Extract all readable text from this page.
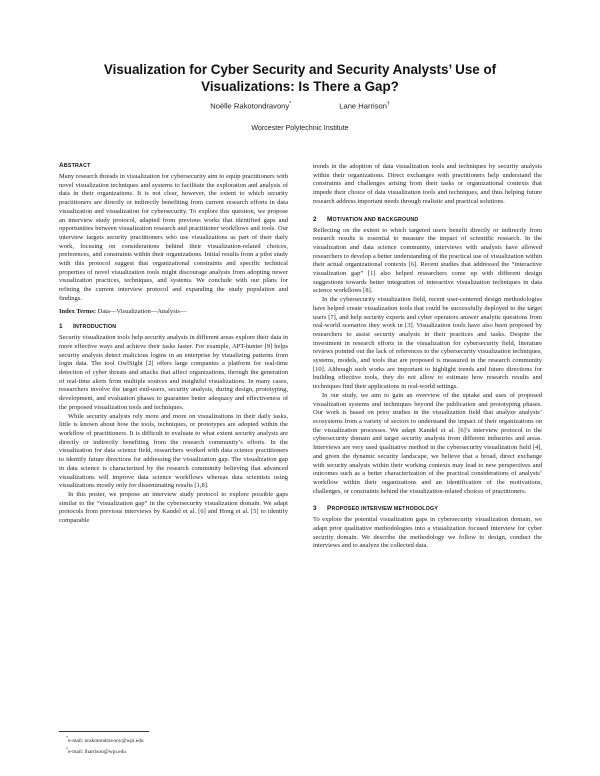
Visualization for Cyber Security and Security Analysts’ Use of Visualizations: Is There a Gap?
Noëlle Rakotondravony*	Lane Harrison†
Worcester Polytechnic Institute
ABSTRACT

Many research threads in visualization for cybersecurity aim to equip practitioners with novel visualization techniques and systems to facilitate the exploration and analysis of data in their organizations. It is not clear, however, the extent to which security practitioners are directly or indirectly benefiting from current research efforts in data visualization and visualization for cybersecurity. To explore this question, we propose an interview study protocol, adapted from previous works that identified gaps and opportunities between visualization research and practitioner workflows and tools. Our interview targets security practitioners who use visualizations as part of their daily work, focusing on considerations behind their visualization-related choices, preferences, and constraints within their organizations. Initial results from a pilot study with this protocol suggest that organizational constraints and specific technical properties of novel visualization tools might discourage analysts from adopting newer visualization practices, techniques, and systems. We conclude with our plans for refining the current interview protocol and expanding the study population and findings.

Index Terms: Data—Visualization—Analysis—

1 INTRODUCTION

Security visualization tools help security analysts in different areas explore their data in more effective ways and achieve their tasks faster. For example, APT-hunter [9] helps security analysts detect malicious logins in an enterprise by visualizing patterns from login data. The tool OwlSight [2] offers large companies a platform for real-time detection of cyber threats and attacks that affect organizations, through the generation of real-time alerts from multiple sources and insightful visualizations. In many cases, researchers involve the target end-users, security analysts, during design, prototyping, development, and evaluation phases to guarantee better adequacy and effectiveness of the proposed visualization tools and techniques.

While security analysts rely more and more on visualizations in their daily tasks, little is known about how the tools, techniques, or prototypes are adopted within the workflow of practitioners. It is difficult to evaluate to what extent security analysts are directly or indirectly benefiting from the research community’s efforts. In the visualization for data science field, researchers worked with data science practitioners to identify future directions for addressing the visualization gap. The visualization gap in data science is characterized by the research community believing that advanced visualizations will improve data science workflows whereas data scientists using visualizations mostly only for disseminating results [1,8].

In this poster, we propose an interview study protocol to explore possible gaps similar to the “visualization gap” in the cybersecurity visualization domain. We adapt protocols from previous interviews by Kandel et al. [6] and Hong et al. [5] to identify comparable

trends in the adoption of data visualization tools and techniques by security analysts within their organizations. Direct exchanges with practitioners help understand the constraints and challenges arising from their tasks or organizational contexts that impede their choice of data visualization tools and techniques, and thus helping future research address important needs through realistic and practical solutions.

2 MOTIVATION AND BACKGROUND

Reflecting on the extent to which targeted users benefit directly or indirectly from research results is essential to measure the impact of scientific research. In the visualization and data science community, interviews with analysts have allowed researchers to develop a better understanding of the practical use of visualization within their actual organizational contexts [6]. Recent studies that addressed the “interactive visualization gap” [1] also helped researchers come up with different design suggestions towards better integration of interactive visualization techniques in data science workflows [8].

In the cybersecurity visualization field, recent user-centered design methodologies have helped create visualization tools that could be successfully deployed to the target users [7], and help security experts and cyber operators answer analytic questions from real-world scenarios they work in [3]. Visualization tools have also been proposed by researchers to assist security analysts in their practices and tasks. Despite the investment in research efforts in the visualization for cybersecurity field, literature reviews pointed out the lack of references to the cybersecurity visualization techniques, systems, models, and tools that are proposed is measured in the research community [10]. Although such works are important to highlight trends and future directions for building effective tools, they do not allow to estimate how research results and techniques find their applications in real-world settings.

In our study, we aim to gain an overview of the uptake and uses of proposed visualization systems and techniques beyond the publication and prototyping phases. Our work is based on prior studies in the visualization field that analyze analysts’ ecosystems from a variety of sectors to understand the impact of their organizations on the visualization processes. We adapt Kandel et al. [6]’s interview protocol to the cybersecurity domain and target security analysts from different industries and areas. Interviews are very used qualitative method in the cybersecurity visualization field [4], and given the dynamic security landscape, we believe that a broad, direct exchange with security analysts within their working contexts may lead to new perspectives and outcomes such as a better characterization of the practical considerations of analysts’ workflow within their organizations and an identification of the motivations, challenges, or constraints behind the visualization-related choices of practitioners.

3 PROPOSED INTERVIEW METHODOLOGY

To explore the potential visualization gaps in cybersecurity visualization domain, we adapt prior qualitative methodologies into a visualization focused interview for cyber security domain. We describe the methodology we follow to design, conduct the interviews and to analyze the collected data.

*e-mail: nrakotondravony@wpi.edu
†e-mail: lharrison@wpi.edu
